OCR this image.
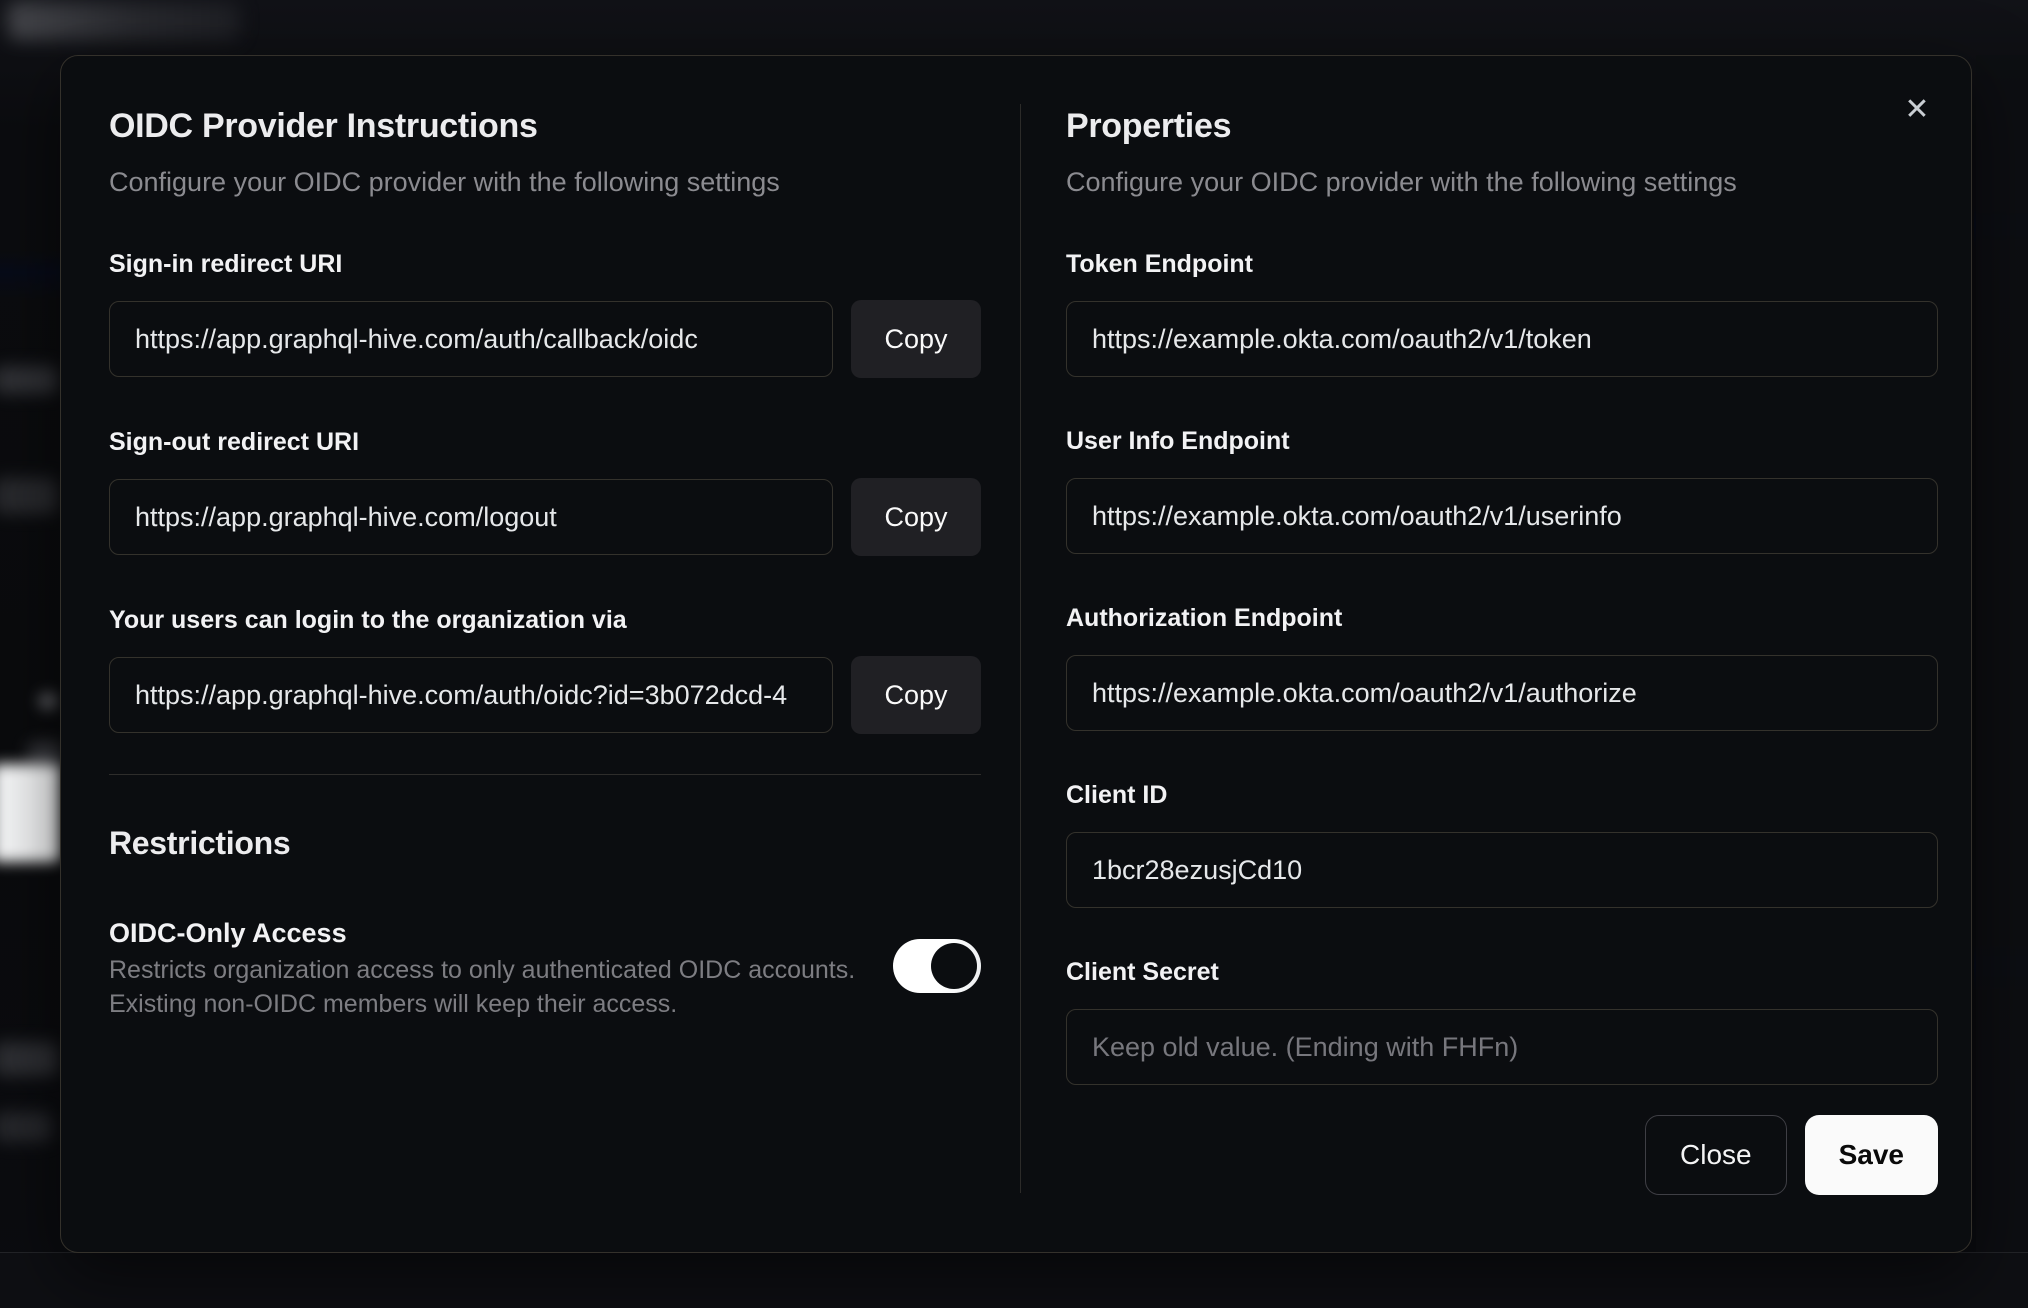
✕
OIDC Provider Instructions

Configure your OIDC provider with the following settings

Sign-in redirect URI
https://app.graphql-hive.com/auth/callback/oidc
Copy
Sign-out redirect URI
https://app.graphql-hive.com/logout
Copy
Your users can login to the organization via
https://app.graphql-hive.com/auth/oidc?id=3b072dcd-4
Copy
Restrictions
OIDC-Only Access

Restricts organization access to only authenticated OIDC accounts.
Existing non-OIDC members will keep their access.

Properties

Configure your OIDC provider with the following settings

Token Endpoint
https://example.okta.com/oauth2/v1/token
User Info Endpoint
https://example.okta.com/oauth2/v1/userinfo
Authorization Endpoint
https://example.okta.com/oauth2/v1/authorize
Client ID
1bcr28ezusjCd10
Client Secret
Keep old value. (Ending with FHFn)
Close	Save
